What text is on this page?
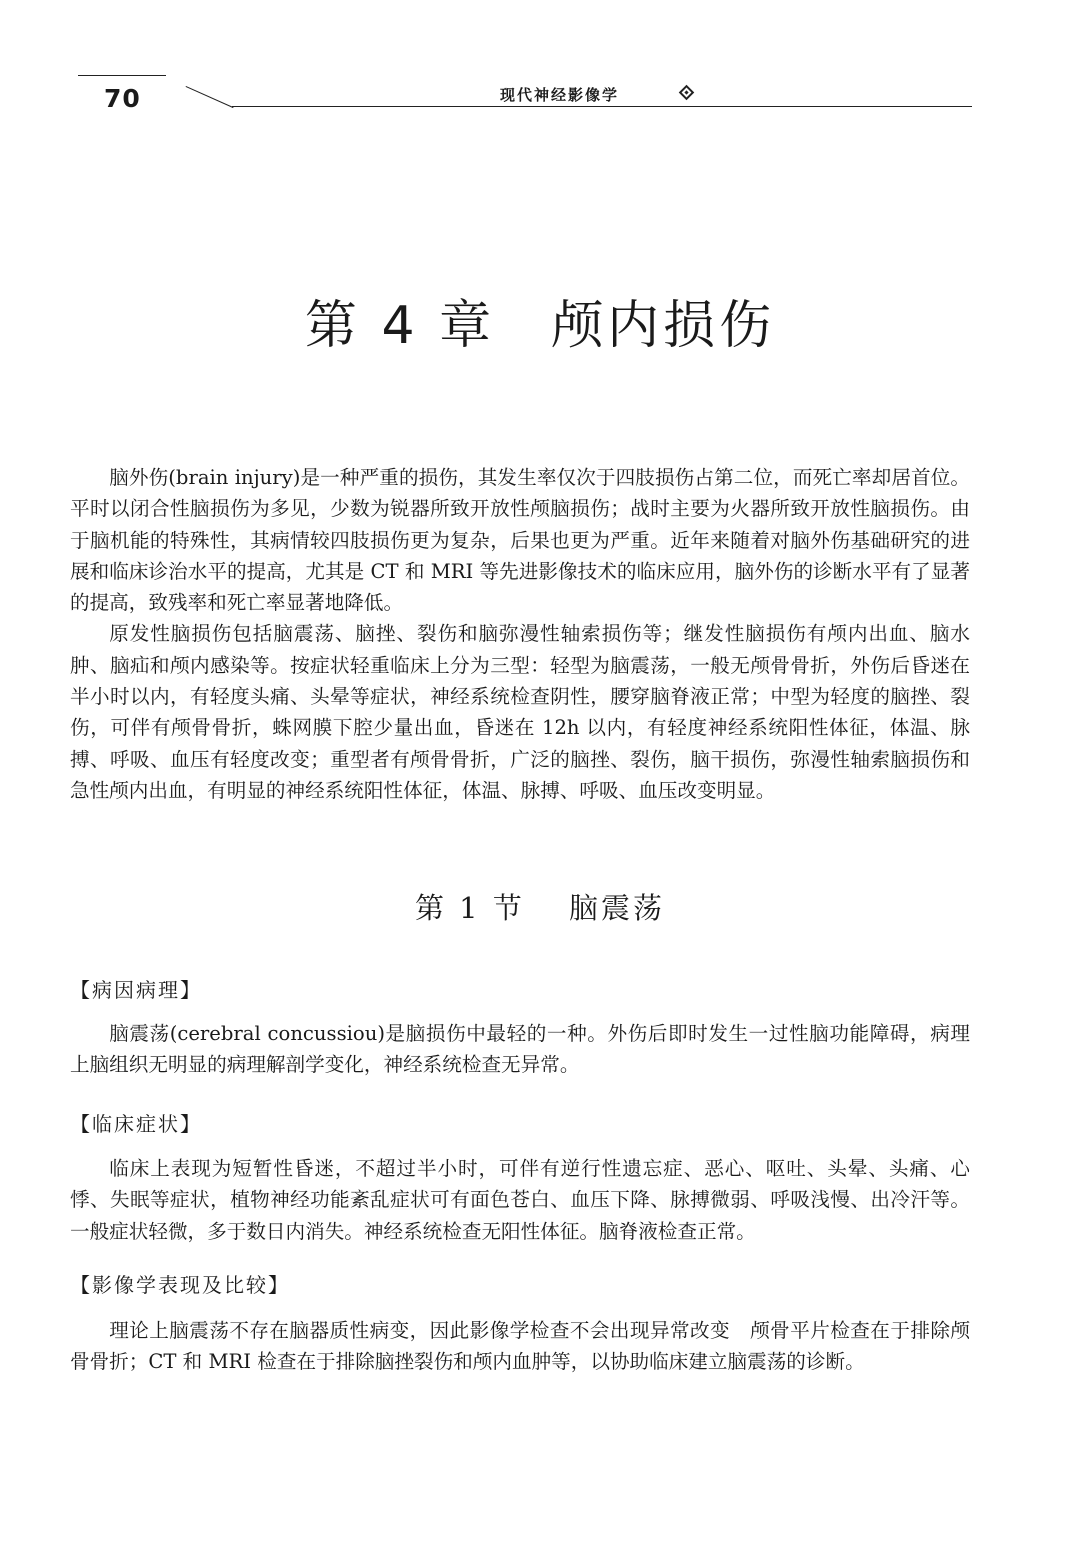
70	现代神经影像学
第 4 章　颅内损伤

脑外伤(brain injury)是一种严重的损伤，其发生率仅次于四肢损伤占第二位，而死亡率却居首位。平时以闭合性脑损伤为多见，少数为锐器所致开放性颅脑损伤；战时主要为火器所致开放性脑损伤。由于脑机能的特殊性，其病情较四肢损伤更为复杂，后果也更为严重。近年来随着对脑外伤基础研究的进展和临床诊治水平的提高，尤其是 CT 和 MRI 等先进影像技术的临床应用，脑外伤的诊断水平有了显著的提高，致残率和死亡率显著地降低。

原发性脑损伤包括脑震荡、脑挫、裂伤和脑弥漫性轴索损伤等；继发性脑损伤有颅内出血、脑水肿、脑疝和颅内感染等。按症状轻重临床上分为三型：轻型为脑震荡，一般无颅骨骨折，外伤后昏迷在半小时以内，有轻度头痛、头晕等症状，神经系统检查阴性，腰穿脑脊液正常；中型为轻度的脑挫、裂伤，可伴有颅骨骨折，蛛网膜下腔少量出血，昏迷在 12h 以内，有轻度神经系统阳性体征，体温、脉搏、呼吸、血压有轻度改变；重型者有颅骨骨折，广泛的脑挫、裂伤，脑干损伤，弥漫性轴索脑损伤和急性颅内出血，有明显的神经系统阳性体征，体温、脉搏、呼吸、血压改变明显。

第 1 节　 脑震荡
【病因病理】

脑震荡(cerebral concussiou)是脑损伤中最轻的一种。外伤后即时发生一过性脑功能障碍，病理上脑组织无明显的病理解剖学变化，神经系统检查无异常。

【临床症状】

临床上表现为短暂性昏迷，不超过半小时，可伴有逆行性遗忘症、恶心、呕吐、头晕、头痛、心悸、失眠等症状，植物神经功能紊乱症状可有面色苍白、血压下降、脉搏微弱、呼吸浅慢、出冷汗等。一般症状轻微，多于数日内消失。神经系统检查无阳性体征。脑脊液检查正常。

【影像学表现及比较】

理论上脑震荡不存在脑器质性病变，因此影像学检查不会出现异常改变　颅骨平片检查在于排除颅骨骨折；CT 和 MRI 检查在于排除脑挫裂伤和颅内血肿等，以协助临床建立脑震荡的诊断。
